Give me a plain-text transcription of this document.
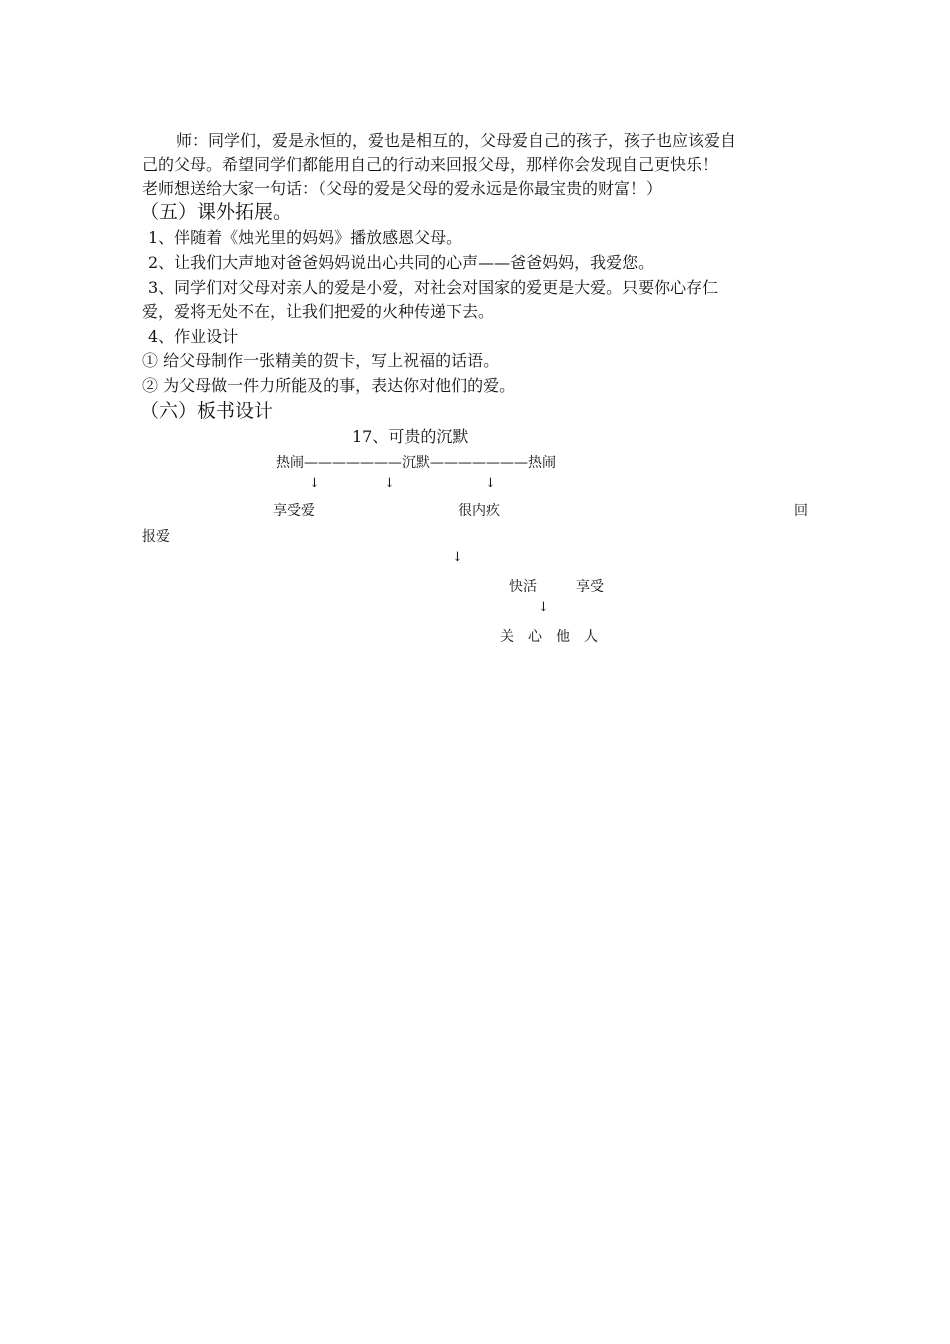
师：同学们，爱是永恒的，爱也是相互的，父母爱自己的孩子，孩子也应该爱自
己的父母。希望同学们都能用自己的行动来回报父母，那样你会发现自己更快乐！
老师想送给大家一句话：（父母的爱是父母的爱永远是你最宝贵的财富！）
（五）课外拓展。
1、伴随着《烛光里的妈妈》播放感恩父母。
2、让我们大声地对爸爸妈妈说出心共同的心声——爸爸妈妈，我爱您。
3、同学们对父母对亲人的爱是小爱，对社会对国家的爱更是大爱。只要你心存仁
爱，爱将无处不在，让我们把爱的火种传递下去。
4、作业设计
① 给父母制作一张精美的贺卡，写上祝福的话语。
② 为父母做一件力所能及的事，表达你对他们的爱。
（六）板书设计
17、可贵的沉默
热闹———————沉默———————热闹
↓	↓	↓
享受爱	很内疚	回
报爱
↓
快活	享受
↓
关心他人
